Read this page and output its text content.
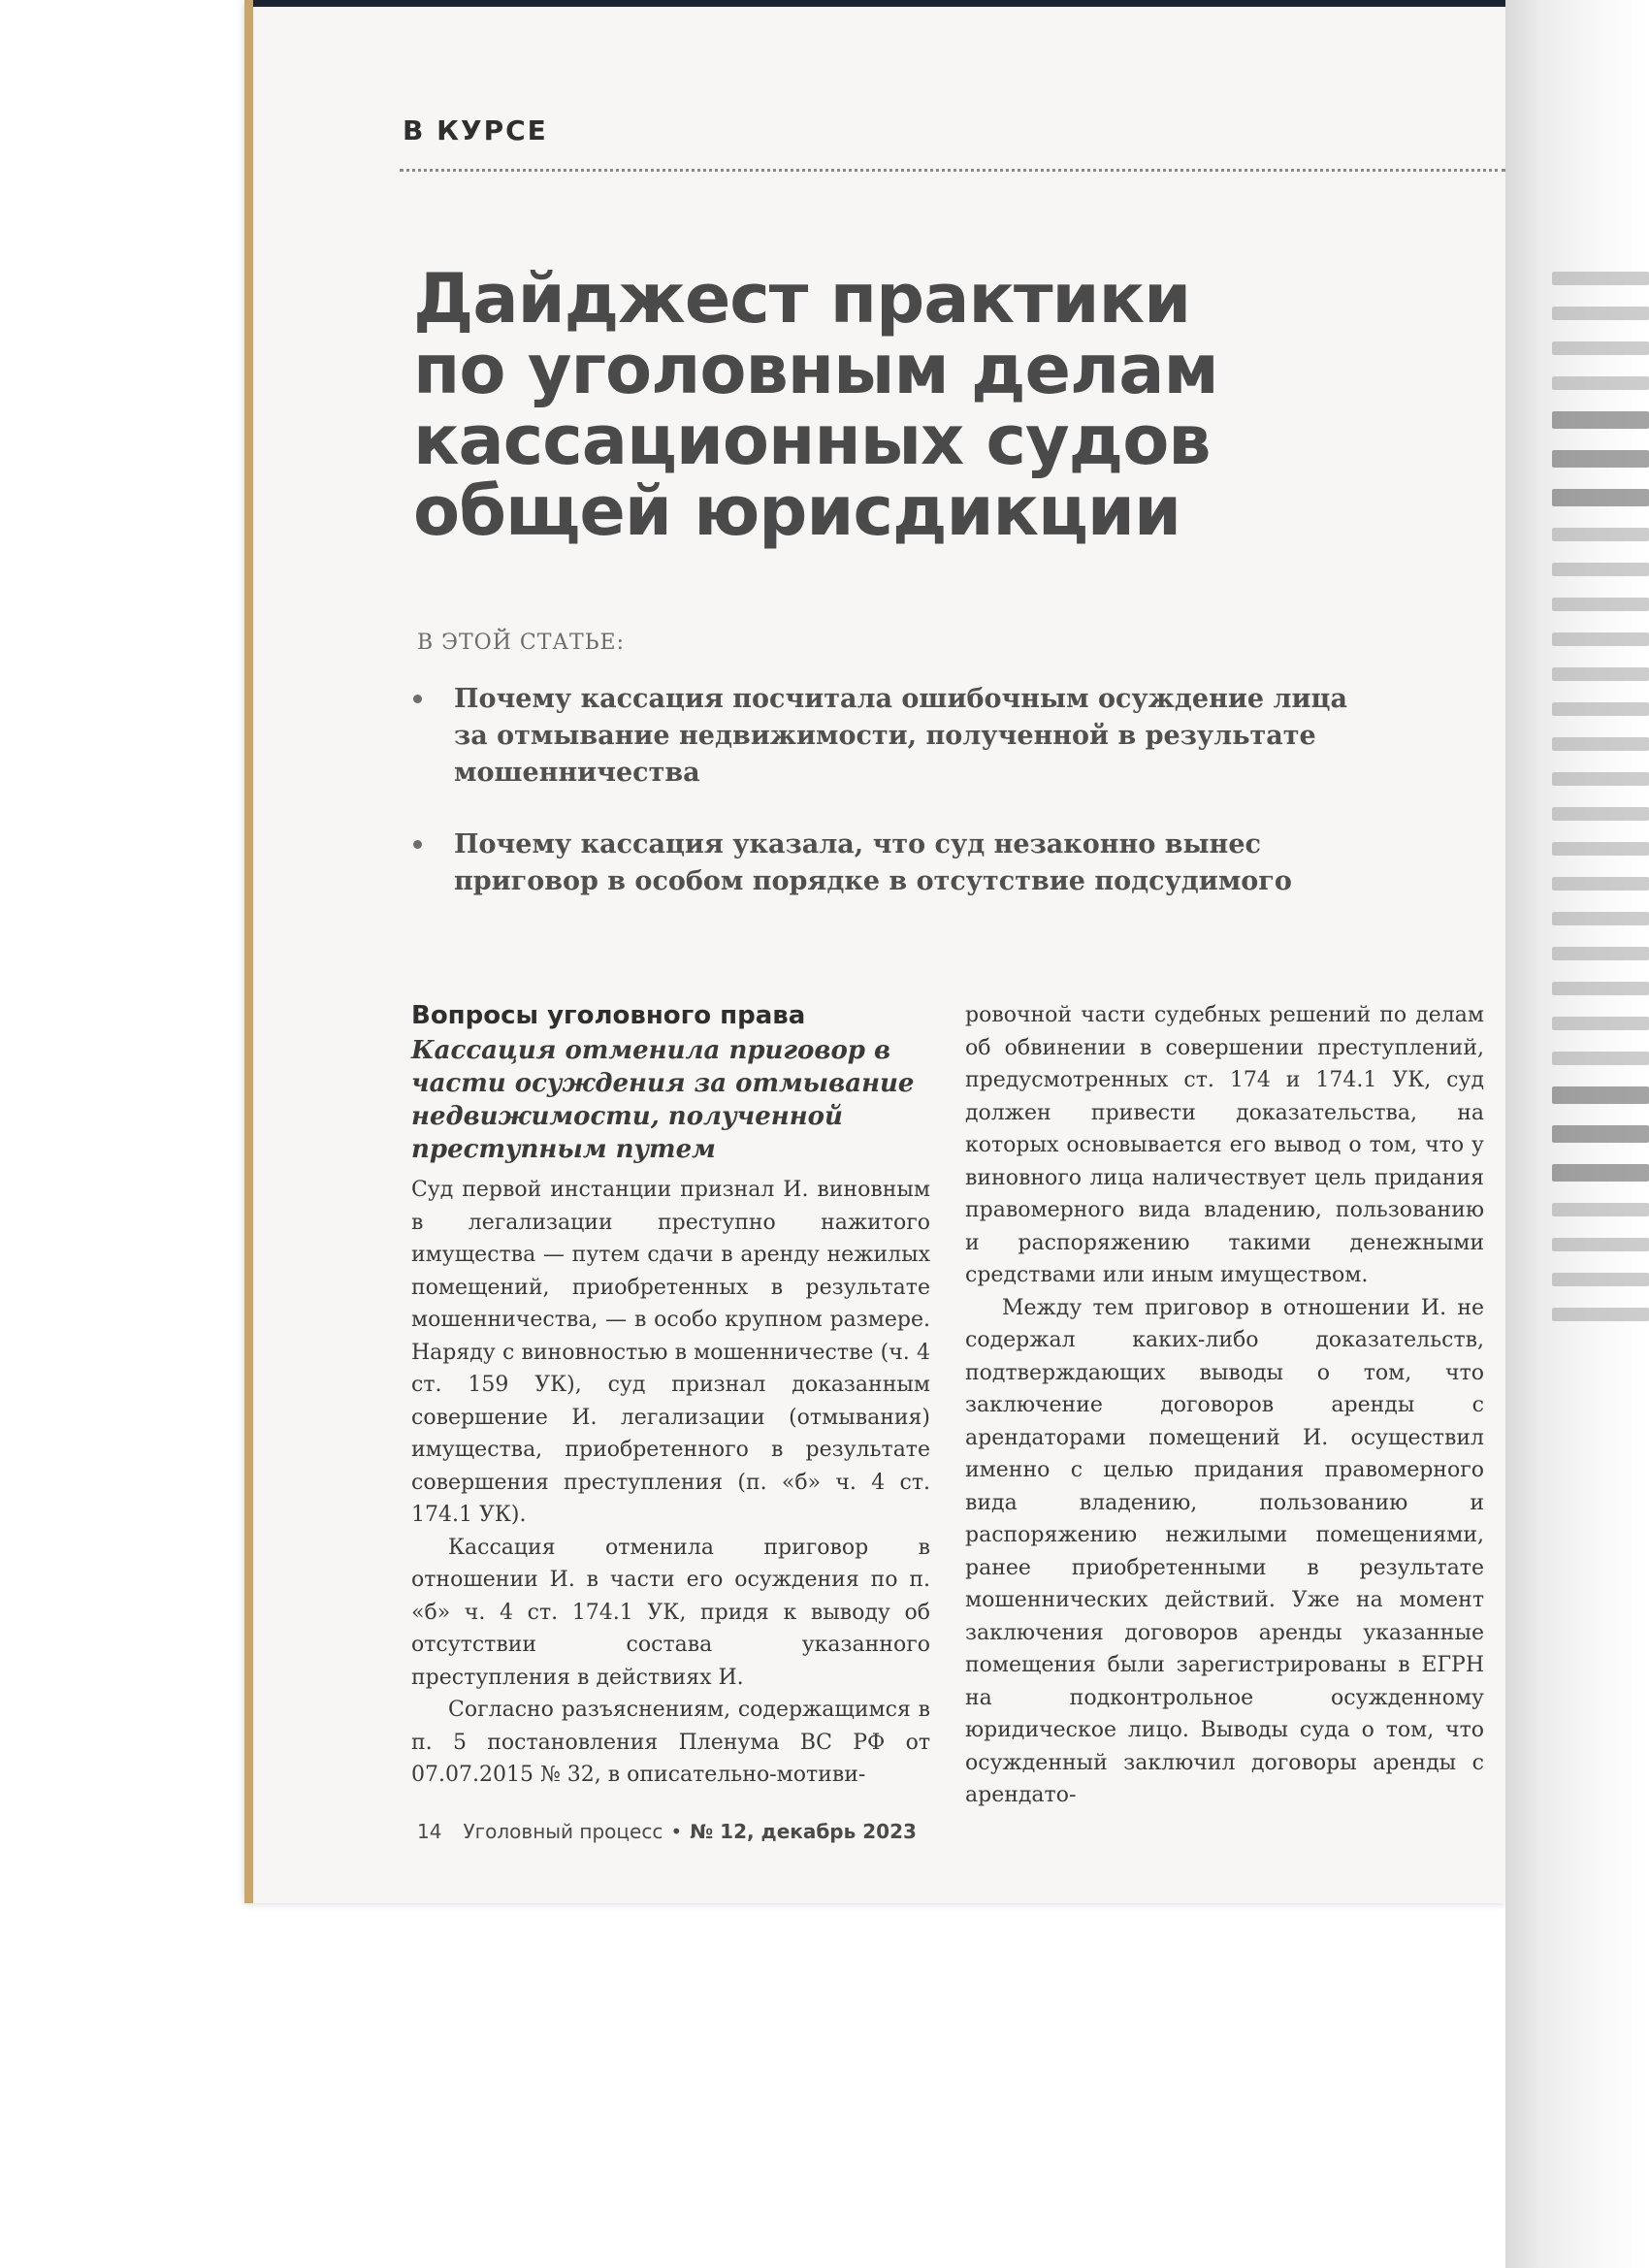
В КУРСЕ
Дайджест практики
по уголовным делам
кассационных судов
общей юрисдикции
В ЭТОЙ СТАТЬЕ:
Почему кассация посчитала ошибочным осуждение лица за отмывание недвижимости, полученной в результате мошенничества
Почему кассация указала, что суд незаконно вынес приговор в особом порядке в отсутствие подсудимого
Вопросы уголовного права
Кассация отменила приговор в части осуждения за отмывание недвижимости, полученной преступным путем

Суд первой инстанции признал И. виновным в легализации преступно нажитого имущества — путем сдачи в аренду нежилых помещений, приобретенных в результате мошенничества, — в особо крупном размере. Наряду с виновностью в мошенничестве (ч. 4 ст. 159 УК), суд признал доказанным совершение И. легализации (отмывания) имущества, приобретенного в результате совершения преступления (п. «б» ч. 4 ст. 174.1 УК).

Кассация отменила приговор в отношении И. в части его осуждения по п. «б» ч. 4 ст. 174.1 УК, придя к выводу об отсутствии состава указанного преступления в действиях И.

Согласно разъяснениям, содержащимся в п. 5 постановления Пленума ВС РФ от 07.07.2015 № 32, в описательно-мотиви-

ровочной части судебных решений по делам об обвинении в совершении преступлений, предусмотренных ст. 174 и 174.1 УК, суд должен привести доказательства, на которых основывается его вывод о том, что у виновного лица наличествует цель придания правомерного вида владению, пользованию и распоряжению такими денежными средствами или иным имуществом.

Между тем приговор в отношении И. не содержал каких-либо доказательств, подтверждающих выводы о том, что заключение договоров аренды с арендаторами помещений И. осуществил именно с целью придания правомерного вида владению, пользованию и распоряжению нежилыми помещениями, ранее приобретенными в результате мошеннических действий. Уже на момент заключения договоров аренды указанные помещения были зарегистрированы в ЕГРН на подконтрольное осужденному юридическое лицо. Выводы суда о том, что осужденный заключил договоры аренды с арендато-

14 Уголовный процесс • № 12, декабрь 2023
